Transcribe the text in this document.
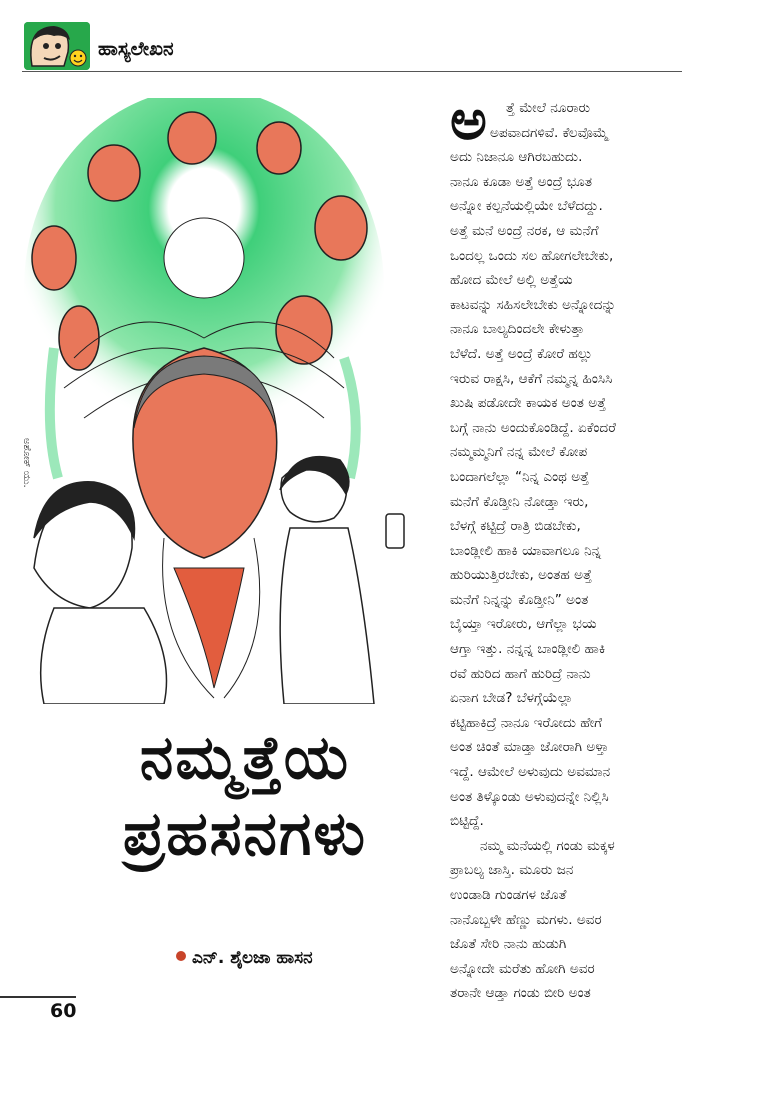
ಹಾಸ್ಯಲೇಖನ
ಅಶೋಕ್ ಯು.
ನಮ್ಮತ್ತೆಯ
ಪ್ರಹಸನಗಳು
ಎನ್‌. ಶೈಲಜಾ ಹಾಸನ
60
ಅ	ತ್ತೆ ಮೇಲೆ ನೂರಾರು
ಅಪವಾದಗಳಿವೆ. ಕೆಲವೊಮ್ಮೆ
ಅದು ನಿಜಾನೂ ಆಗಿರಬಹುದು.
ನಾನೂ ಕೂಡಾ ಅತ್ತೆ ಅಂದ್ರೆ ಭೂತ
ಅನ್ನೋ ಕಲ್ಪನೆಯಲ್ಲಿಯೇ ಬೆಳೆದದ್ದು.
ಅತ್ತೆ ಮನೆ ಅಂದ್ರೆ ನರಕ, ಆ ಮನೆಗೆ
ಒಂದಲ್ಲ ಒಂದು ಸಲ ಹೋಗಲೇಬೇಕು,
ಹೋದ ಮೇಲೆ ಅಲ್ಲಿ ಅತ್ತೆಯ
ಕಾಟವನ್ನು ಸಹಿಸಲೇಬೇಕು ಅನ್ನೋದನ್ನು
ನಾನೂ ಬಾಲ್ಯದಿಂದಲೇ ಕೇಳುತ್ತಾ
ಬೆಳೆದೆ. ಅತ್ತೆ ಅಂದ್ರೆ ಕೋರೆ ಹಲ್ಲು
ಇರುವ ರಾಕ್ಷಸಿ, ಆಕೆಗೆ ನಮ್ಮನ್ನ ಹಿಂಸಿಸಿ
ಖುಷಿ ಪಡೋದೇ ಕಾಯಕ ಅಂತ ಅತ್ತೆ
ಬಗ್ಗೆ ನಾನು ಅಂದುಕೊಂಡಿದ್ದೆ. ಏಕೆಂದರೆ
ನಮ್ಮಮ್ಮನಿಗೆ ನನ್ನ ಮೇಲೆ ಕೋಪ
ಬಂದಾಗಲೆಲ್ಲಾ “ನಿನ್ನ ಎಂಥ ಅತ್ತೆ
ಮನೆಗೆ ಕೊಡ್ತೀನಿ ನೋಡ್ತಾ ಇರು,
ಬೆಳಗ್ಗೆ ಕಟ್ಟಿದ್ರೆ ರಾತ್ರಿ ಬಿಡಬೇಕು,
ಬಾಂಡ್ಲೀಲಿ ಹಾಕಿ ಯಾವಾಗಲೂ ನಿನ್ನ
ಹುರಿಯುತ್ತಿರಬೇಕು, ಅಂತಹ ಅತ್ತೆ
ಮನೆಗೆ ನಿನ್ನನ್ನು ಕೊಡ್ತೀನಿ” ಅಂತ
ಬೈಯ್ತಾ ಇರೋರು, ಆಗೆಲ್ಲಾ ಭಯ
ಆಗ್ತಾ ಇತ್ತು. ನನ್ನನ್ನ ಬಾಂಡ್ಲೀಲಿ ಹಾಕಿ
ರವೆ ಹುರಿದ ಹಾಗೆ ಹುರಿದ್ರೆ ನಾನು
ಏನಾಗ ಬೇಡ? ಬೆಳಗ್ಗೆಯೆಲ್ಲಾ
ಕಟ್ಟಿಹಾಕಿದ್ರೆ ನಾನೂ ಇರೋದು ಹೇಗೆ
ಅಂತ ಚಿಂತೆ ಮಾಡ್ತಾ ಜೋರಾಗಿ ಅಳ್ತಾ
ಇದ್ದೆ. ಆಮೇಲೆ ಅಳುವುದು ಅವಮಾನ
ಅಂತ ತಿಳ್ಕೊಂಡು ಅಳುವುದನ್ನೇ ನಿಲ್ಲಿಸಿ
ಬಿಟ್ಟಿದ್ದೆ.
ನಮ್ಮ ಮನೆಯಲ್ಲಿ ಗಂಡು ಮಕ್ಕಳ
ಪ್ರಾಬಲ್ಯ ಜಾಸ್ತಿ. ಮೂರು ಜನ
ಉಂಡಾಡಿ ಗುಂಡಗಳ ಜೊತೆ
ನಾನೊಬ್ಬಳೇ ಹೆಣ್ಣು ಮಗಳು. ಅವರ
ಜೊತೆ ಸೇರಿ ನಾನು ಹುಡುಗಿ
ಅನ್ನೋದೇ ಮರೆತು ಹೋಗಿ ಅವರ
ತರಾನೇ ಆಡ್ತಾ ಗಂಡು ಬೀರಿ ಅಂತ
